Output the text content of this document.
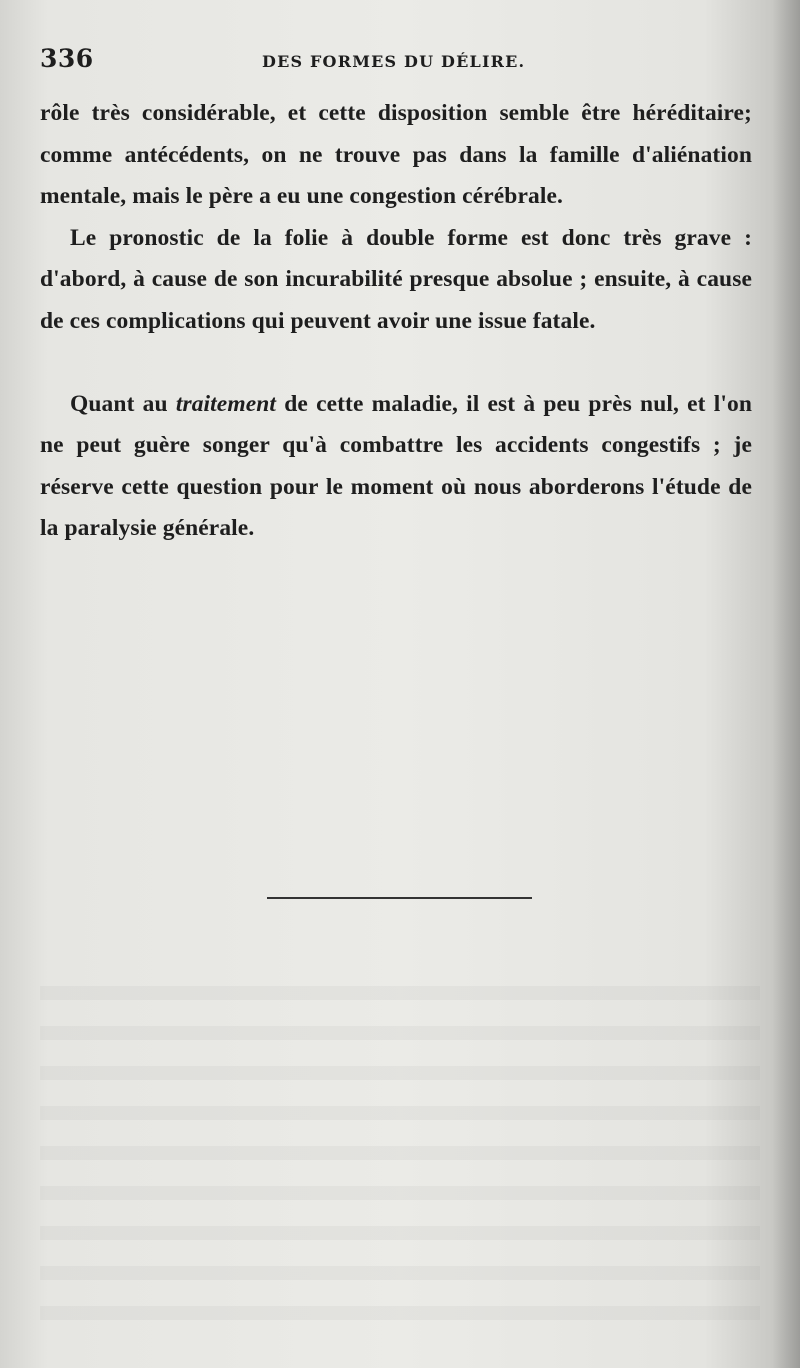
336	DES FORMES DU DÉLIRE.

rôle très considérable, et cette disposition semble être héréditaire; comme antécédents, on ne trouve pas dans la famille d'aliénation mentale, mais le père a eu une congestion cérébrale.

Le pronostic de la folie à double forme est donc très grave : d'abord, à cause de son incurabilité presque absolue ; ensuite, à cause de ces complications qui peuvent avoir une issue fatale.

Quant au traitement de cette maladie, il est à peu près nul, et l'on ne peut guère songer qu'à combattre les accidents congestifs ; je réserve cette question pour le moment où nous aborderons l'étude de la paralysie générale.
